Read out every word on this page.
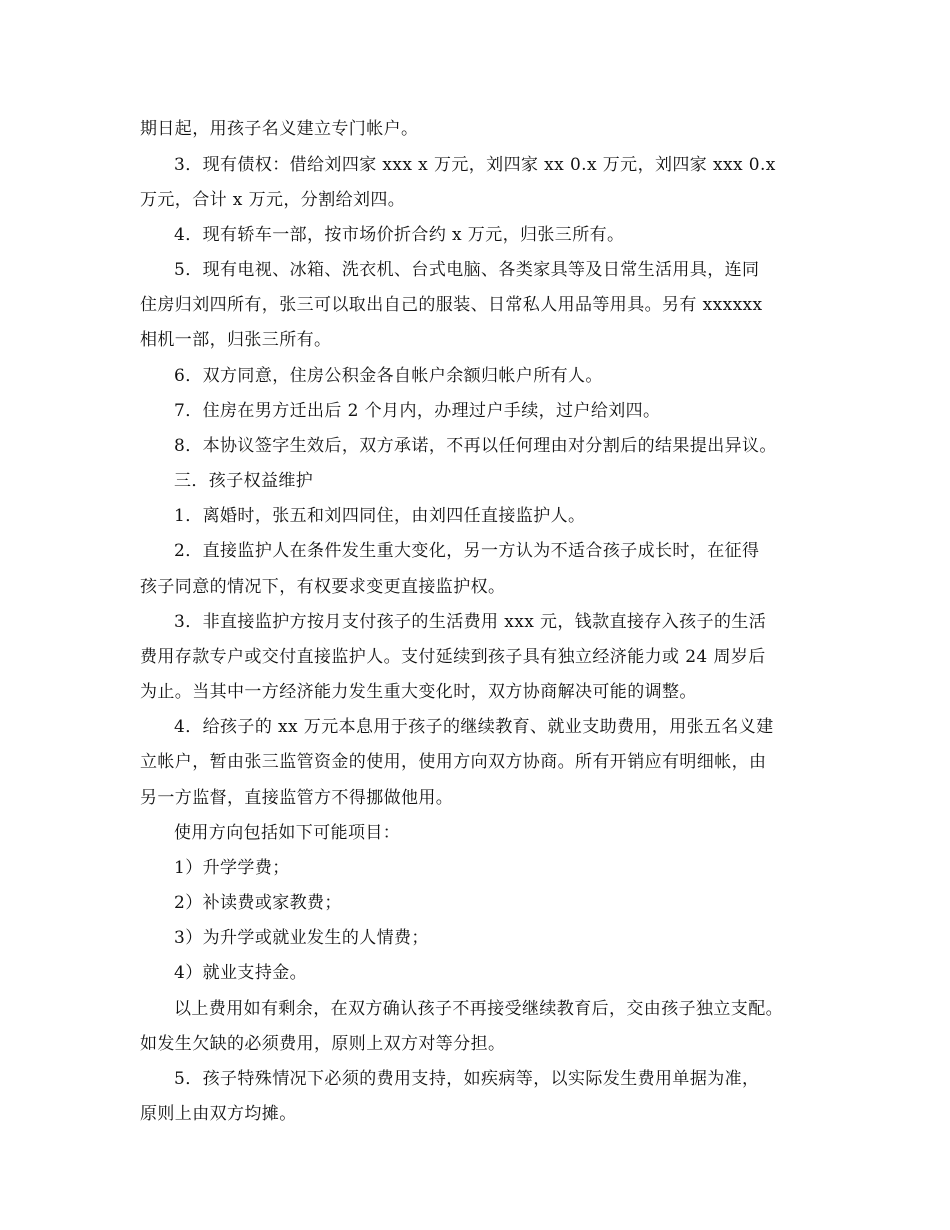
期日起，用孩子名义建立专门帐户。
3．现有债权：借给刘四家 xxx x 万元，刘四家 xx 0.x 万元，刘四家 xxx 0.x
万元，合计 x 万元，分割给刘四。
4．现有轿车一部，按市场价折合约 x 万元，归张三所有。
5．现有电视、冰箱、洗衣机、台式电脑、各类家具等及日常生活用具，连同
住房归刘四所有，张三可以取出自己的服装、日常私人用品等用具。另有 xxxxxx
相机一部，归张三所有。
6．双方同意，住房公积金各自帐户余额归帐户所有人。
7．住房在男方迁出后 2 个月内，办理过户手续，过户给刘四。
8．本协议签字生效后，双方承诺，不再以任何理由对分割后的结果提出异议。
三．孩子权益维护
1．离婚时，张五和刘四同住，由刘四任直接监护人。
2．直接监护人在条件发生重大变化，另一方认为不适合孩子成长时，在征得
孩子同意的情况下，有权要求变更直接监护权。
3．非直接监护方按月支付孩子的生活费用 xxx 元，钱款直接存入孩子的生活
费用存款专户或交付直接监护人。支付延续到孩子具有独立经济能力或 24 周岁后
为止。当其中一方经济能力发生重大变化时，双方协商解决可能的调整。
4．给孩子的 xx 万元本息用于孩子的继续教育、就业支助费用，用张五名义建
立帐户，暂由张三监管资金的使用，使用方向双方协商。所有开销应有明细帐，由
另一方监督，直接监管方不得挪做他用。
使用方向包括如下可能项目：
1）升学学费；
2）补读费或家教费；
3）为升学或就业发生的人情费；
4）就业支持金。
以上费用如有剩余，在双方确认孩子不再接受继续教育后，交由孩子独立支配。
如发生欠缺的必须费用，原则上双方对等分担。
5．孩子特殊情况下必须的费用支持，如疾病等，以实际发生费用单据为准，
原则上由双方均摊。
